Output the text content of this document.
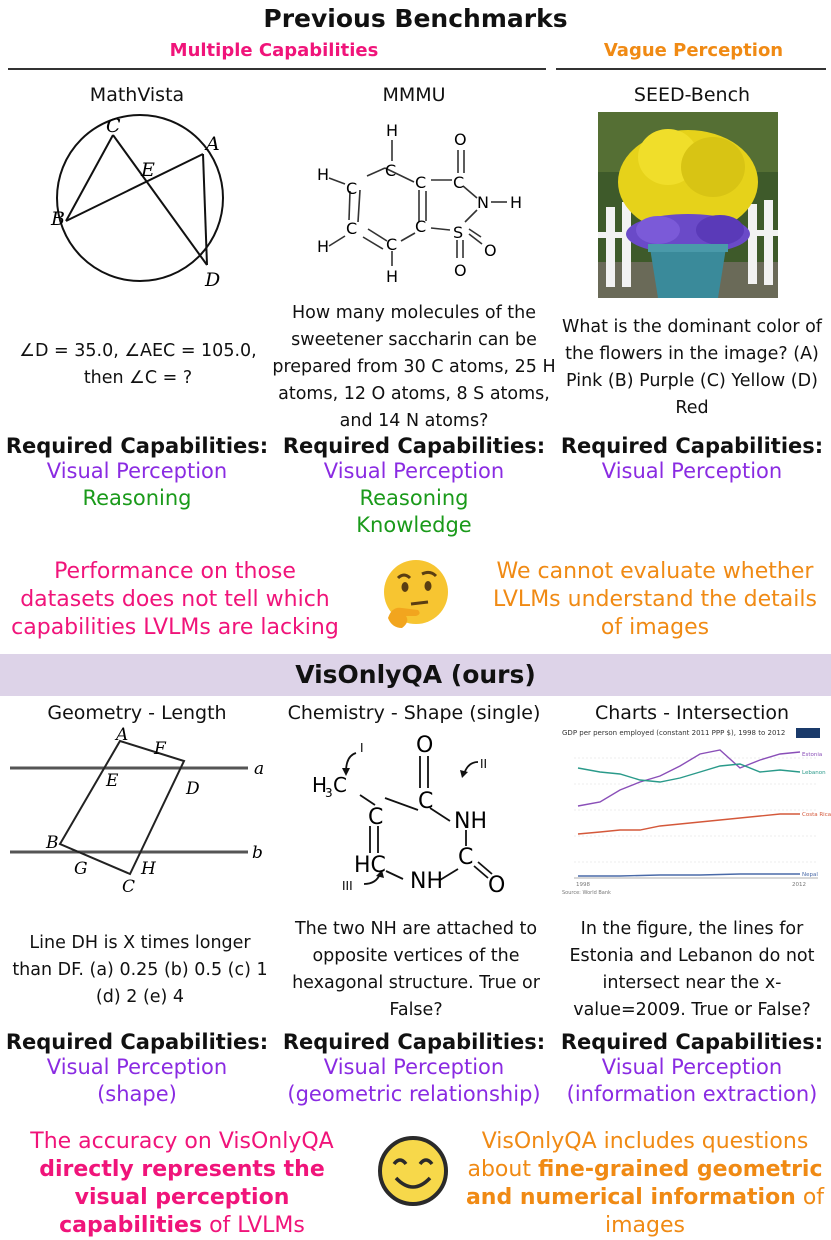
Previous Benchmarks
Multiple Capabilities	Vague Perception
MathVista	MMMU	SEED-Bench
C
A
E
B
D
H
C
H
C
C
H	C
H
C
C
C
O
N H
S
O
O
∠D = 35.0, ∠AEC = 105.0, then ∠C = ?
How many molecules of the sweetener saccharin can be prepared from 30 C atoms, 25 H atoms, 12 O atoms, 8 S atoms, and 14 N atoms?
What is the dominant color of the flowers in the image? (A) Pink (B) Purple (C) Yellow (D) Red
Required Capabilities:
Visual Perception
Reasoning
Required Capabilities:
Visual Perception
Reasoning
Knowledge
Required Capabilities:
Visual Perception
Performance on those datasets does not tell which capabilities LVLMs are lacking
We cannot evaluate whether LVLMs understand the details of images
VisOnlyQA (ours)
Geometry - Length	Chemistry - Shape (single)	Charts - Intersection
A
F
E	D
a
B
G	H
C
b
O
I
II
III
H
3 C
C
C
NH
HC	C
NH O
GDP per person employed (constant 2011 PPP $), 1998 to 2012
Estonia
Lebanon
Costa Rica
Nepal
1998	2012
Source: World Bank
Line DH is X times longer than DF. (a) 0.25 (b) 0.5 (c) 1 (d) 2 (e) 4
The two NH are attached to opposite vertices of the hexagonal structure. True or False?
In the figure, the lines for Estonia and Lebanon do not intersect near the x-value=2009. True or False?
Required Capabilities:
Visual Perception
(shape)
Required Capabilities:
Visual Perception
(geometric relationship)
Required Capabilities:
Visual Perception
(information extraction)
The accuracy on VisOnlyQA directly represents the visual perception capabilities of LVLMs
VisOnlyQA includes questions about fine-grained geometric and numerical information of images
